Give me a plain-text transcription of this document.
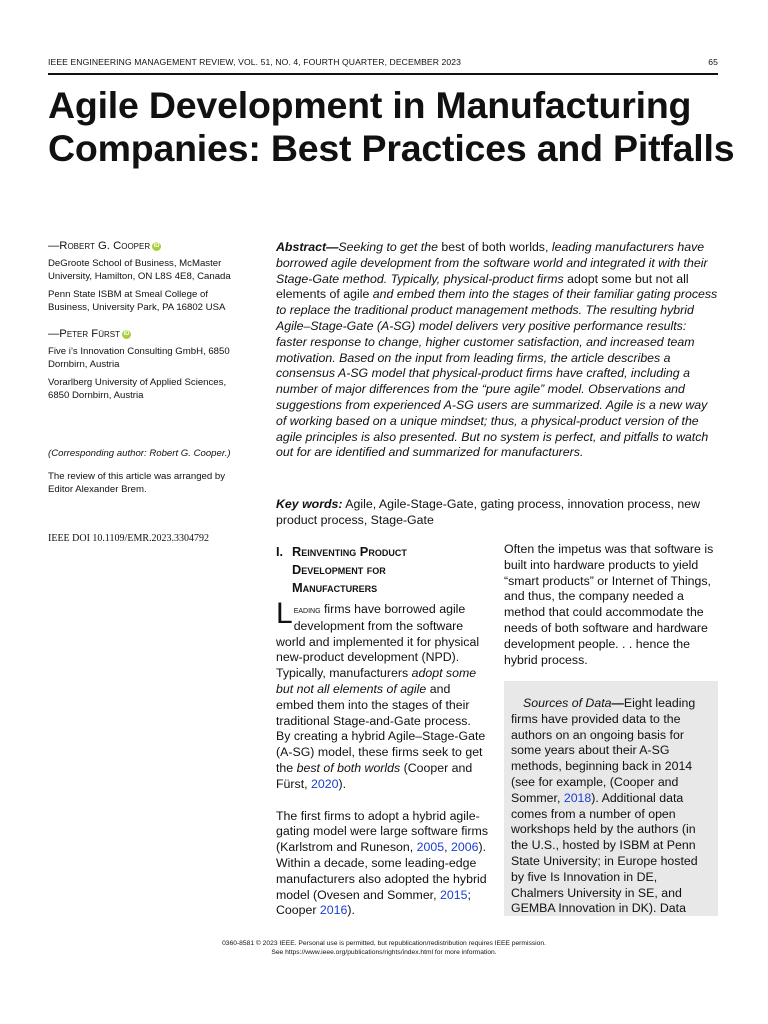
IEEE ENGINEERING MANAGEMENT REVIEW, VOL. 51, NO. 4, FOURTH QUARTER, DECEMBER 2023	65
Agile Development in Manufacturing Companies: Best Practices and Pitfalls
—Robert G. Cooper iD

DeGroote School of Business, McMaster University, Hamilton, ON L8S 4E8, Canada

Penn State ISBM at Smeal College of Business, University Park, PA 16802 USA

—Peter Fürst iD

Five i’s Innovation Consulting GmbH, 6850 Dornbirn, Austria

Vorarlberg University of Applied Sciences, 6850 Dornbirn, Austria

(Corresponding author: Robert G. Cooper.)
The review of this article was arranged by Editor Alexander Brem.
IEEE DOI 10.1109/EMR.2023.3304792
Abstract—Seeking to get the best of both worlds, leading manufacturers have borrowed agile development from the software world and integrated it with their Stage-Gate method. Typically, physical-product firms adopt some but not all elements of agile and embed them into the stages of their familiar gating process to replace the traditional product management methods. The resulting hybrid Agile–Stage-Gate (A-SG) model delivers very positive performance results: faster response to change, higher customer satisfaction, and increased team motivation. Based on the input from leading firms, the article describes a consensus A-SG model that physical-product firms have crafted, including a number of major differences from the “pure agile” model. Observations and suggestions from experienced A-SG users are summarized. Agile is a new way of working based on a unique mindset; thus, a physical-product version of the agile principles is also presented. But no system is perfect, and pitfalls to watch out for are identified and summarized for manufacturers.
Key words: Agile, Agile-Stage-Gate, gating process, innovation process, new product process, Stage-Gate
I. Reinventing Product
Development for
Manufacturers

Leading firms have borrowed agile development from the software world and implemented it for physical new-product development (NPD). Typically, manufacturers adopt some but not all elements of agile and embed them into the stages of their traditional Stage-and-Gate process. By creating a hybrid Agile–Stage-Gate (A-SG) model, these firms seek to get the best of both worlds (Cooper and Fürst, 2020).

The first firms to adopt a hybrid agile-gating model were large software firms (Karlstrom and Runeson, 2005, 2006). Within a decade, some leading-edge manufacturers also adopted the hybrid model (Ovesen and Sommer, 2015; Cooper 2016).

Often the impetus was that software is built into hardware products to yield “smart products” or Internet of Things, and thus, the company needed a method that could accommodate the needs of both software and hardware development people. . . hence the hybrid process.

Sources of Data—Eight leading firms have provided data to the authors on an ongoing basis for some years about their A-SG methods, beginning back in 2014 (see for example, (Cooper and Sommer, 2018). Additional data comes from a number of open workshops held by the authors (in the U.S., hosted by ISBM at Penn State University; in Europe hosted by five Is Innovation in DE, Chalmers University in SE, and GEMBA Innovation in DK). Data

0360-8581 © 2023 IEEE. Personal use is permitted, but republication/redistribution requires IEEE permission.
See https://www.ieee.org/publications/rights/index.html for more information.
